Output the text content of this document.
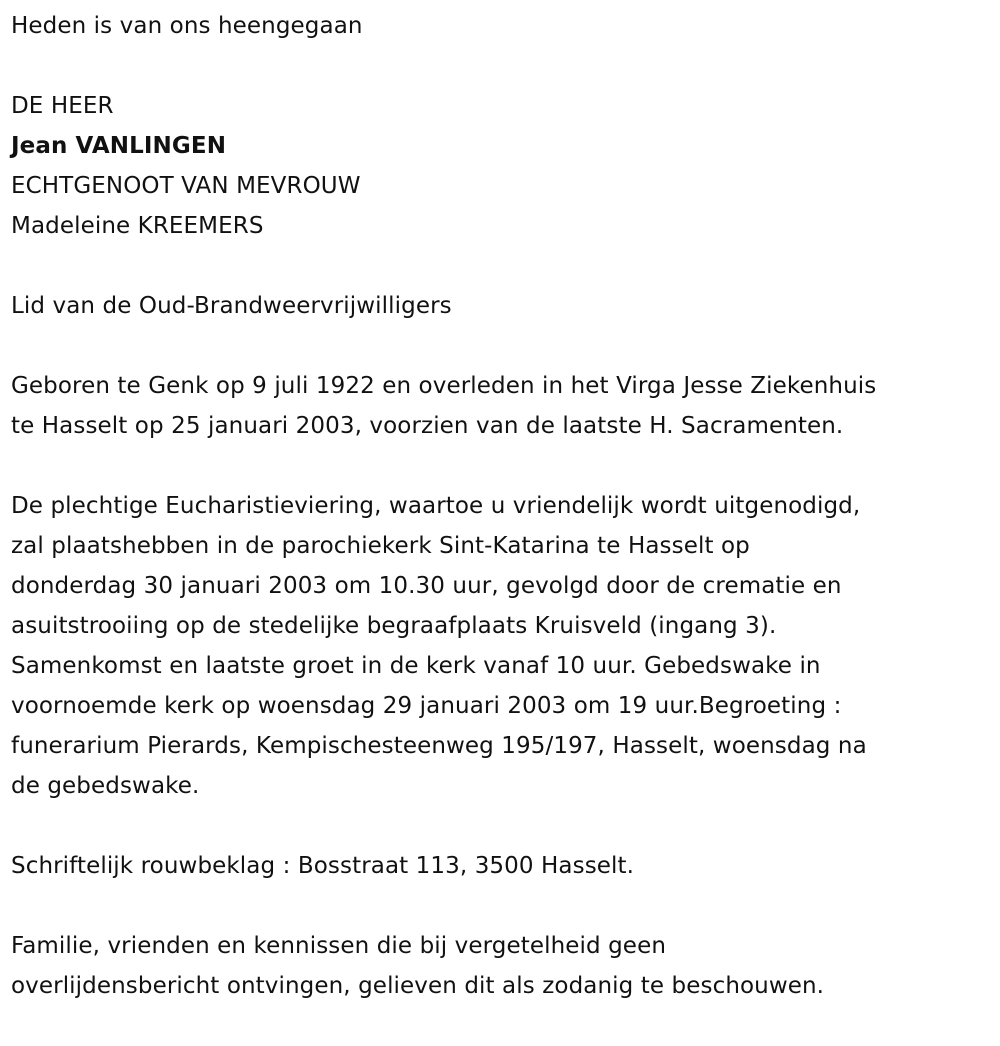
Heden is van ons heengegaan
DE HEER
Jean VANLINGEN
ECHTGENOOT VAN MEVROUW
Madeleine KREEMERS
Lid van de Oud-Brandweervrijwilligers
Geboren te Genk op 9 juli 1922 en overleden in het Virga Jesse Ziekenhuis
te Hasselt op 25 januari 2003, voorzien van de laatste H. Sacramenten.
De plechtige Eucharistieviering, waartoe u vriendelijk wordt uitgenodigd,
zal plaatshebben in de parochiekerk Sint-Katarina te Hasselt op
donderdag 30 januari 2003 om 10.30 uur, gevolgd door de crematie en
asuitstrooiing op de stedelijke begraafplaats Kruisveld (ingang 3).
Samenkomst en laatste groet in de kerk vanaf 10 uur. Gebedswake in
voornoemde kerk op woensdag 29 januari 2003 om 19 uur.Begroeting :
funerarium Pierards, Kempischesteenweg 195/197, Hasselt, woensdag na
de gebedswake.
Schriftelijk rouwbeklag : Bosstraat 113, 3500 Hasselt.
Familie, vrienden en kennissen die bij vergetelheid geen
overlijdensbericht ontvingen, gelieven dit als zodanig te beschouwen.
